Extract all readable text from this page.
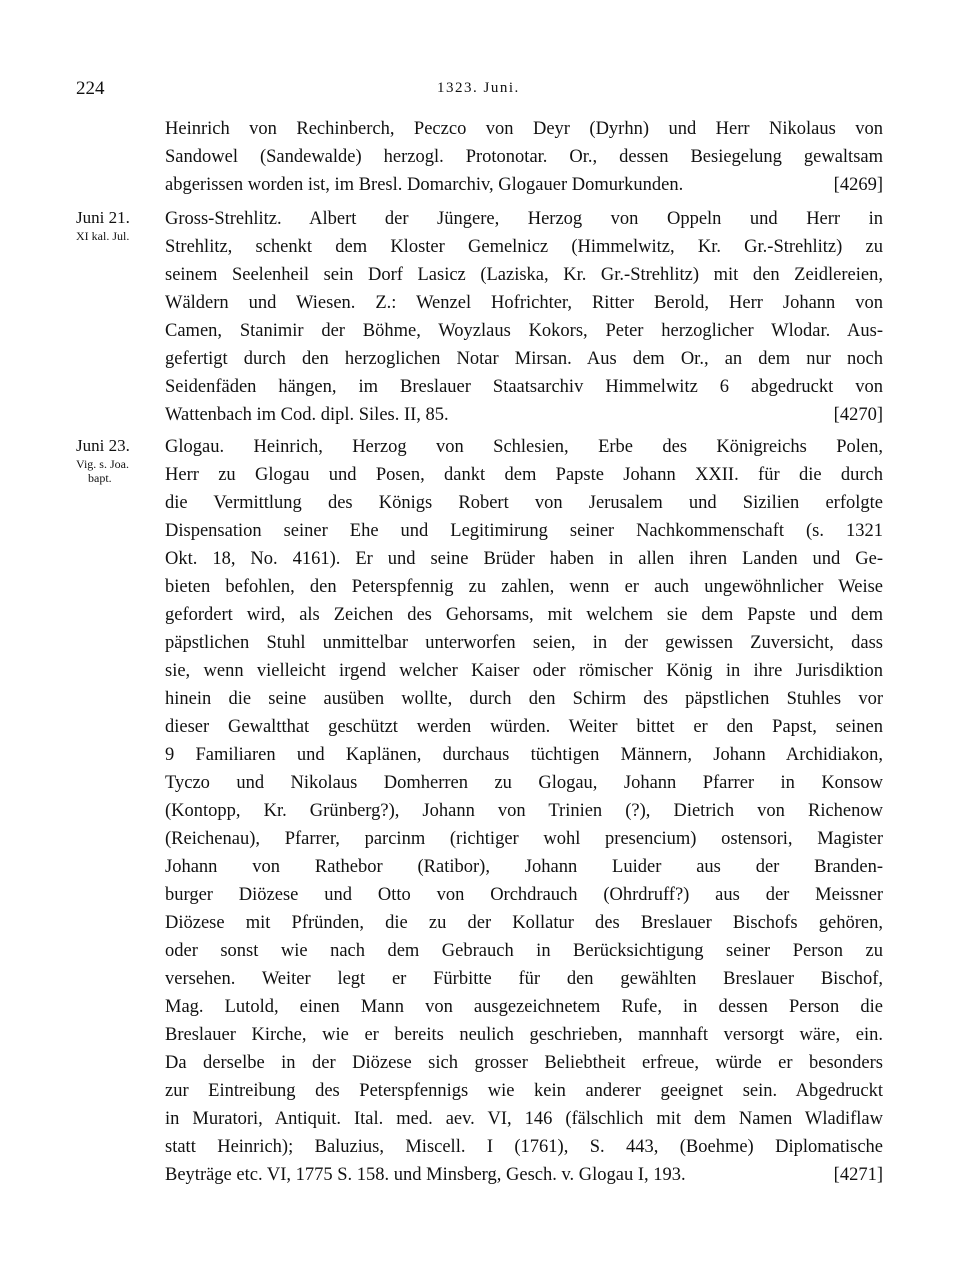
224	1323. Juni.
Heinrich von Rechinberch, Peczco von Deyr (Dyrhn) und Herr Nikolaus von
Sandowel (Sandewalde) herzogl. Protonotar. Or., dessen Besiegelung gewaltsam
abgerissen worden ist, im Bresl. Domarchiv, Glogauer Domurkunden.	[4269]
Juni 21.
XI kal. Jul.
Gross-Strehlitz. Albert der Jüngere, Herzog von Oppeln und Herr in
Strehlitz, schenkt dem Kloster Gemelnicz (Himmelwitz, Kr. Gr.-Strehlitz) zu
seinem Seelenheil sein Dorf Lasicz (Laziska, Kr. Gr.-Strehlitz) mit den Zeidlereien,
Wäldern und Wiesen. Z.: Wenzel Hofrichter, Ritter Berold, Herr Johann von
Camen, Stanimir der Böhme, Woyzlaus Kokors, Peter herzoglicher Wlodar. Aus-
gefertigt durch den herzoglichen Notar Mirsan. Aus dem Or., an dem nur noch
Seidenfäden hängen, im Breslauer Staatsarchiv Himmelwitz 6 abgedruckt von
Wattenbach im Cod. dipl. Siles. II, 85.	[4270]
Juni 23.
Vig. s. Joa.
bapt.
Glogau. Heinrich, Herzog von Schlesien, Erbe des Königreichs Polen,
Herr zu Glogau und Posen, dankt dem Papste Johann XXII. für die durch
die Vermittlung des Königs Robert von Jerusalem und Sizilien erfolgte
Dispensation seiner Ehe und Legitimirung seiner Nachkommenschaft (s. 1321
Okt. 18, No. 4161). Er und seine Brüder haben in allen ihren Landen und Ge-
bieten befohlen, den Peterspfennig zu zahlen, wenn er auch ungewöhnlicher Weise
gefordert wird, als Zeichen des Gehorsams, mit welchem sie dem Papste und dem
päpstlichen Stuhl unmittelbar unterworfen seien, in der gewissen Zuversicht, dass
sie, wenn vielleicht irgend welcher Kaiser oder römischer König in ihre Jurisdiktion
hinein die seine ausüben wollte, durch den Schirm des päpstlichen Stuhles vor
dieser Gewaltthat geschützt werden würden. Weiter bittet er den Papst, seinen
9 Familiaren und Kaplänen, durchaus tüchtigen Männern, Johann Archidiakon,
Tyczo und Nikolaus Domherren zu Glogau, Johann Pfarrer in Konsow
(Kontopp, Kr. Grünberg?), Johann von Trinien (?), Dietrich von Richenow
(Reichenau), Pfarrer, parcinm (richtiger wohl presencium) ostensori, Magister
Johann von Rathebor (Ratibor), Johann Luider aus der Branden-
burger Diözese und Otto von Orchdrauch (Ohrdruff?) aus der Meissner
Diözese mit Pfründen, die zu der Kollatur des Breslauer Bischofs gehören,
oder sonst wie nach dem Gebrauch in Berücksichtigung seiner Person zu
versehen. Weiter legt er Fürbitte für den gewählten Breslauer Bischof,
Mag. Lutold, einen Mann von ausgezeichnetem Rufe, in dessen Person die
Breslauer Kirche, wie er bereits neulich geschrieben, mannhaft versorgt wäre, ein.
Da derselbe in der Diözese sich grosser Beliebtheit erfreue, würde er besonders
zur Eintreibung des Peterspfennigs wie kein anderer geeignet sein. Abgedruckt
in Muratori, Antiquit. Ital. med. aev. VI, 146 (fälschlich mit dem Namen Wladiflaw
statt Heinrich); Baluzius, Miscell. I (1761), S. 443, (Boehme) Diplomatische
Beyträge etc. VI, 1775 S. 158. und Minsberg, Gesch. v. Glogau I, 193.	[4271]
